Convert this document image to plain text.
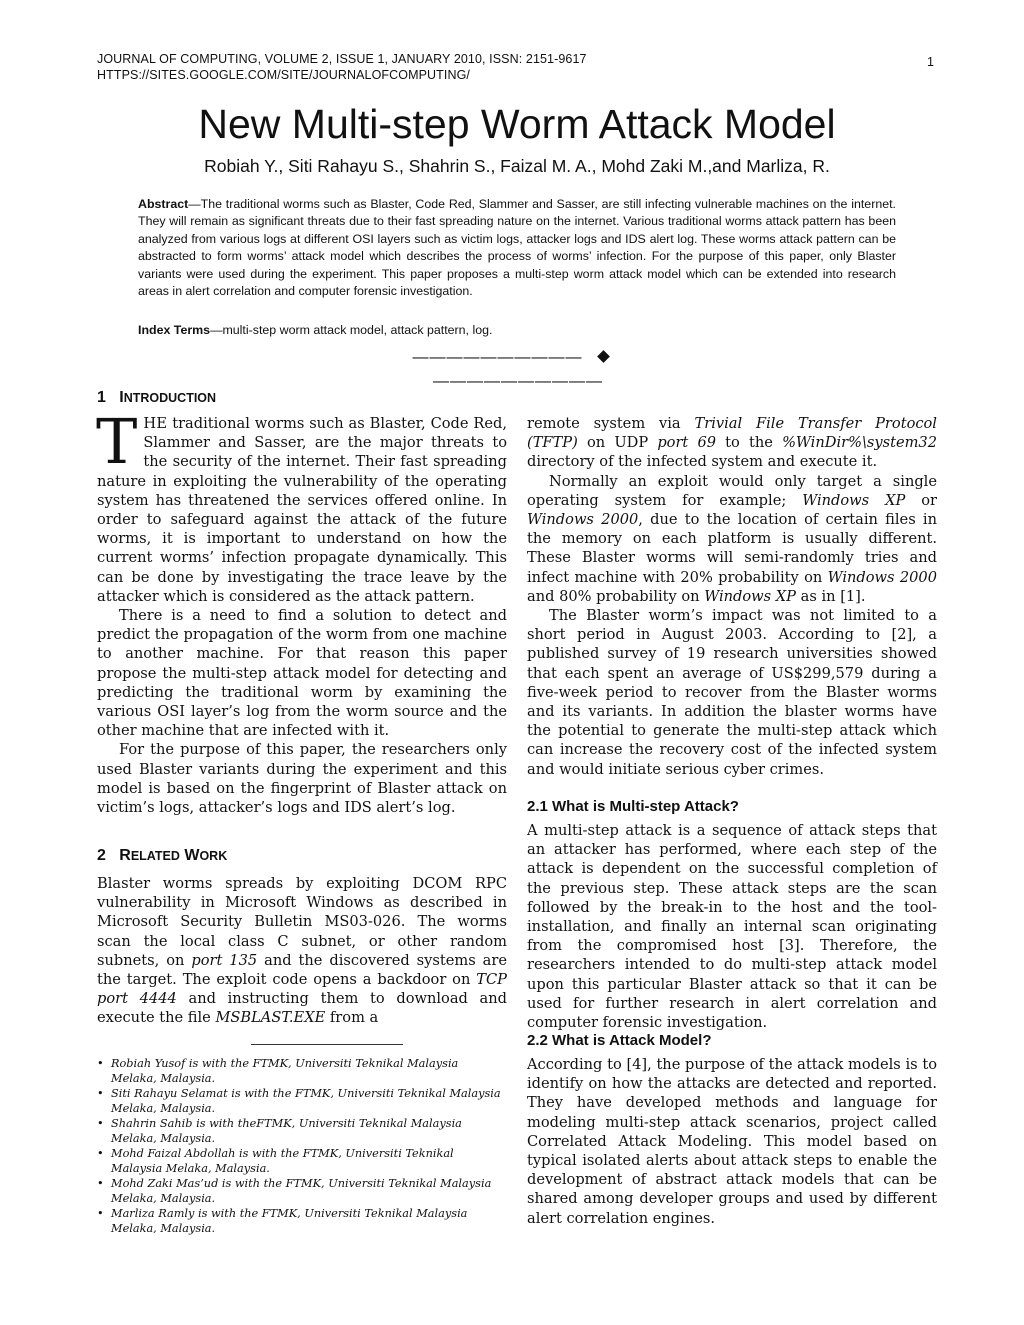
JOURNAL OF COMPUTING, VOLUME 2, ISSUE 1, JANUARY 2010, ISSN: 2151-9617
HTTPS://SITES.GOOGLE.COM/SITE/JOURNALOFCOMPUTING/
1
New Multi-step Worm Attack Model
Robiah Y., Siti Rahayu S., Shahrin S., Faizal M. A., Mohd Zaki M.,and Marliza, R.
Abstract—The traditional worms such as Blaster, Code Red, Slammer and Sasser, are still infecting vulnerable machines on the internet. They will remain as significant threats due to their fast spreading nature on the internet. Various traditional worms attack pattern has been analyzed from various logs at different OSI layers such as victim logs, attacker logs and IDS alert log. These worms attack pattern can be abstracted to form worms’ attack model which describes the process of worms’ infection. For the purpose of this paper, only Blaster variants were used during the experiment. This paper proposes a multi-step worm attack model which can be extended into research areas in alert correlation and computer forensic investigation.
Index Terms—multi-step worm attack model, attack pattern, log.
————————————————————
1 INTRODUCTION

THE traditional worms such as Blaster, Code Red, Slammer and Sasser, are the major threats to the security of the internet. Their fast spreading nature in exploiting the vulnerability of the operating system has threatened the services offered online. In order to safeguard against the attack of the future worms, it is important to understand on how the current worms’ infection propagate dynamically. This can be done by investigating the trace leave by the attacker which is considered as the attack pattern.

There is a need to find a solution to detect and predict the propagation of the worm from one machine to another machine. For that reason this paper propose the multi-step attack model for detecting and predicting the traditional worm by examining the various OSI layer’s log from the worm source and the other machine that are infected with it.

For the purpose of this paper, the researchers only used Blaster variants during the experiment and this model is based on the fingerprint of Blaster attack on victim’s logs, attacker’s logs and IDS alert’s log.

2 RELATED WORK

Blaster worms spreads by exploiting DCOM RPC vulnerability in Microsoft Windows as described in Microsoft Security Bulletin MS03-026. The worms scan the local class C subnet, or other random subnets, on port 135 and the discovered systems are the target. The exploit code opens a backdoor on TCP port 4444 and instructing them to download and execute the file MSBLAST.EXE from a

remote system via Trivial File Transfer Protocol (TFTP) on UDP port 69 to the %WinDir%\system32 directory of the infected system and execute it.

Normally an exploit would only target a single operating system for example; Windows XP or Windows 2000, due to the location of certain files in the memory on each platform is usually different. These Blaster worms will semi-randomly tries and infect machine with 20% probability on Windows 2000 and 80% probability on Windows XP as in [1].

The Blaster worm’s impact was not limited to a short period in August 2003. According to [2], a published survey of 19 research universities showed that each spent an average of US$299,579 during a five-week period to recover from the Blaster worms and its variants. In addition the blaster worms have the potential to generate the multi-step attack which can increase the recovery cost of the infected system and would initiate serious cyber crimes.

2.1 What is Multi-step Attack?

A multi-step attack is a sequence of attack steps that an attacker has performed, where each step of the attack is dependent on the successful completion of the previous step. These attack steps are the scan followed by the break-in to the host and the tool-installation, and finally an internal scan originating from the compromised host [3]. Therefore, the researchers intended to do multi-step attack model upon this particular Blaster attack so that it can be used for further research in alert correlation and computer forensic investigation.

2.2 What is Attack Model?

According to [4], the purpose of the attack models is to identify on how the attacks are detected and reported. They have developed methods and language for modeling multi-step attack scenarios, project called Correlated Attack Modeling. This model based on typical isolated alerts about attack steps to enable the development of abstract attack models that can be shared among developer groups and used by different alert correlation engines.

• Robiah Yusof is with the FTMK, Universiti Teknikal Malaysia Melaka, Malaysia.
• Siti Rahayu Selamat is with the FTMK, Universiti Teknikal Malaysia Melaka, Malaysia.
• Shahrin Sahib is with theFTMK, Universiti Teknikal Malaysia Melaka, Malaysia.
• Mohd Faizal Abdollah is with the FTMK, Universiti Teknikal Malaysia Melaka, Malaysia.
• Mohd Zaki Mas’ud is with the FTMK, Universiti Teknikal Malaysia Melaka, Malaysia.
• Marliza Ramly is with the FTMK, Universiti Teknikal Malaysia Melaka, Malaysia.
